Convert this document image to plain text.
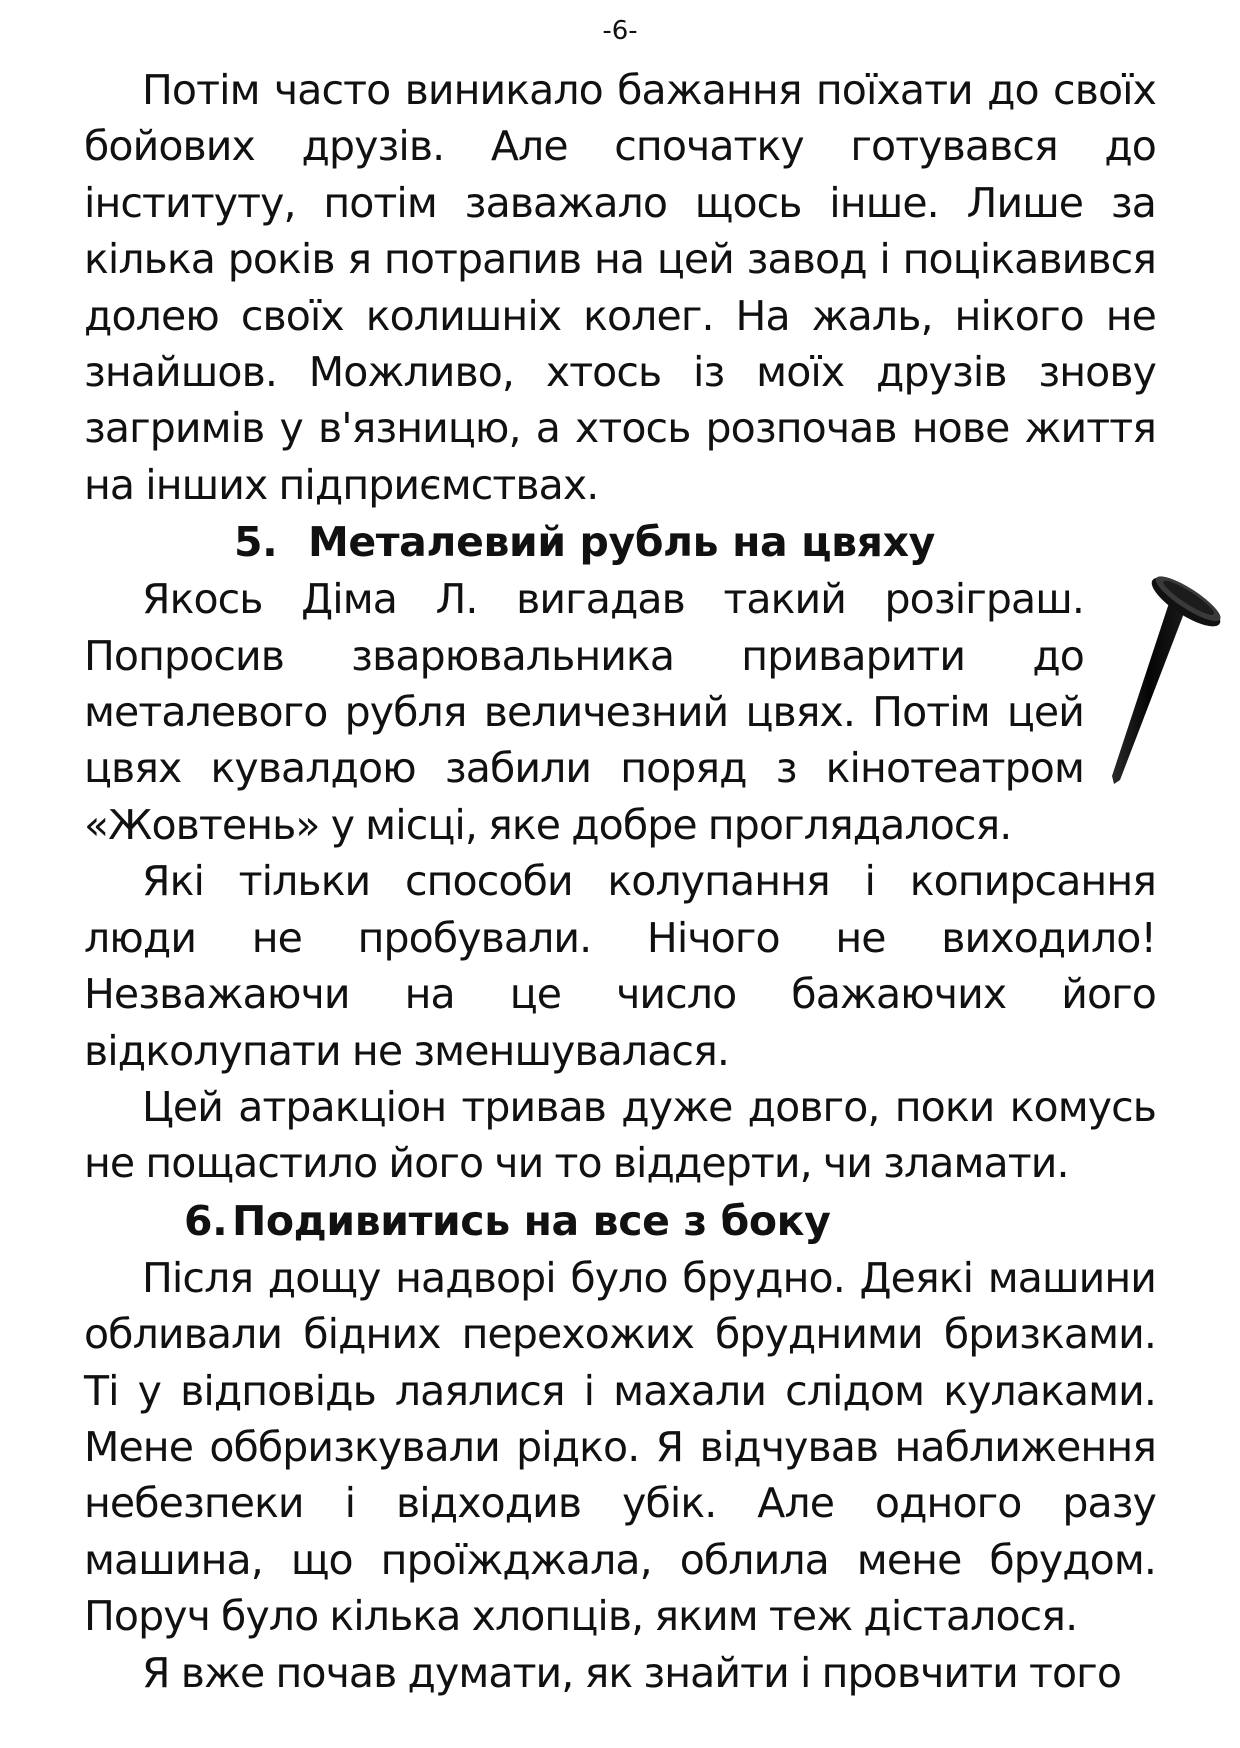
-6-

Потім часто виникало бажання поїхати до своїх бойових друзів. Але спочатку готувався до інституту, потім заважало щось інше. Лише за кілька років я потрапив на цей завод і поцікавився долею своїх колишніх колег. На жаль, нікого не знайшов. Можливо, хтось із моїх друзів знову загримів у в'язницю, а хтось розпочав нове життя на інших підприємствах.

5. Металевий рубль на цвяху

Якось Діма Л. вигадав такий розіграш. Попросив зварювальника приварити до металевого рубля величезний цвях. Потім цей цвях кувалдою забили поряд з кінотеатром «Жовтень» у місці, яке добре проглядалося.

Які тільки способи колупання і копирсання люди не пробували. Нічого не виходило! Незважаючи на це число бажаючих його відколупати не зменшувалася.

Цей атракціон тривав дуже довго, поки комусь не пощастило його чи то віддерти, чи зламати.

6. Подивитись на все з боку

Після дощу надворі було брудно. Деякі машини обливали бідних перехожих брудними бризками. Ті у відповідь лаялися і махали слідом кулаками. Мене оббризкували рідко. Я відчував наближення небезпеки і відходив убік. Але одного разу машина, що проїжджала, облила мене брудом. Поруч було кілька хлопців, яким теж дісталося.

Я вже почав думати, як знайти і провчити того
